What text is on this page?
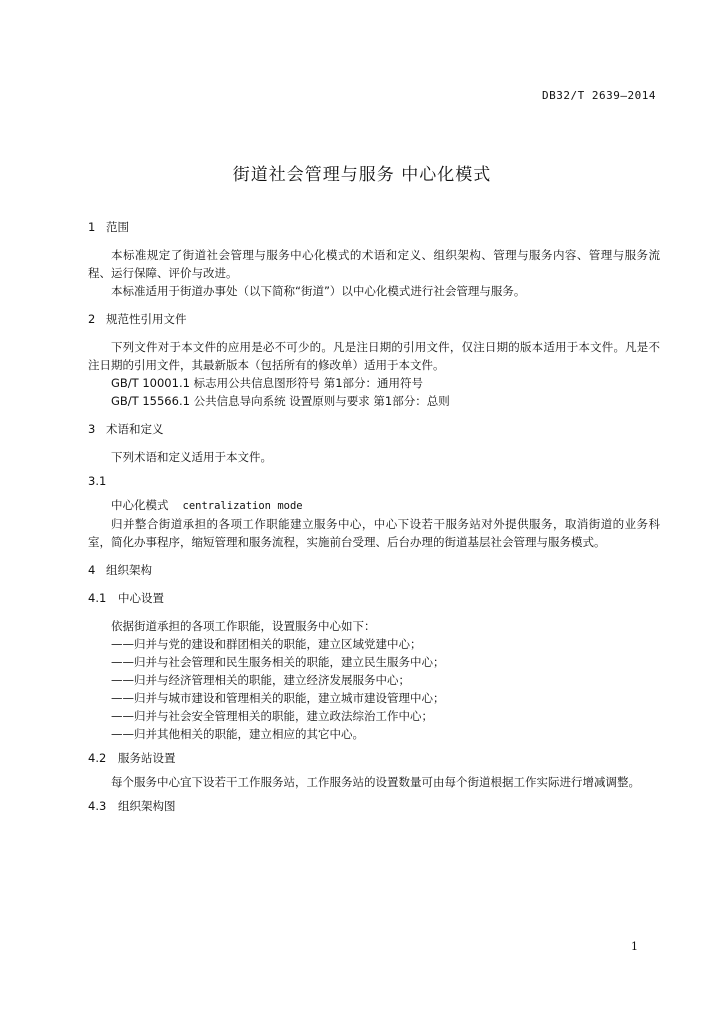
DB32/T 2639—2014
街道社会管理与服务 中心化模式
1 范围

本标准规定了街道社会管理与服务中心化模式的术语和定义、组织架构、管理与服务内容、管理与服务流程、运行保障、评价与改进。

本标准适用于街道办事处（以下简称“街道”）以中心化模式进行社会管理与服务。

2 规范性引用文件

下列文件对于本文件的应用是必不可少的。凡是注日期的引用文件，仅注日期的版本适用于本文件。凡是不注日期的引用文件，其最新版本（包括所有的修改单）适用于本文件。

GB/T 10001.1 标志用公共信息图形符号 第1部分：通用符号

GB/T 15566.1 公共信息导向系统 设置原则与要求 第1部分：总则

3 术语和定义

下列术语和定义适用于本文件。

3.1

中心化模式 centralization mode

归并整合街道承担的各项工作职能建立服务中心，中心下设若干服务站对外提供服务，取消街道的业务科室，简化办事程序，缩短管理和服务流程，实施前台受理、后台办理的街道基层社会管理与服务模式。

4 组织架构
4.1 中心设置

依据街道承担的各项工作职能，设置服务中心如下：

——归并与党的建设和群团相关的职能，建立区域党建中心；

——归并与社会管理和民生服务相关的职能，建立民生服务中心；

——归并与经济管理相关的职能，建立经济发展服务中心；

——归并与城市建设和管理相关的职能，建立城市建设管理中心；

——归并与社会安全管理相关的职能，建立政法综治工作中心；

——归并其他相关的职能，建立相应的其它中心。

4.2 服务站设置

每个服务中心宜下设若干工作服务站，工作服务站的设置数量可由每个街道根据工作实际进行增减调整。

4.3 组织架构图
1
